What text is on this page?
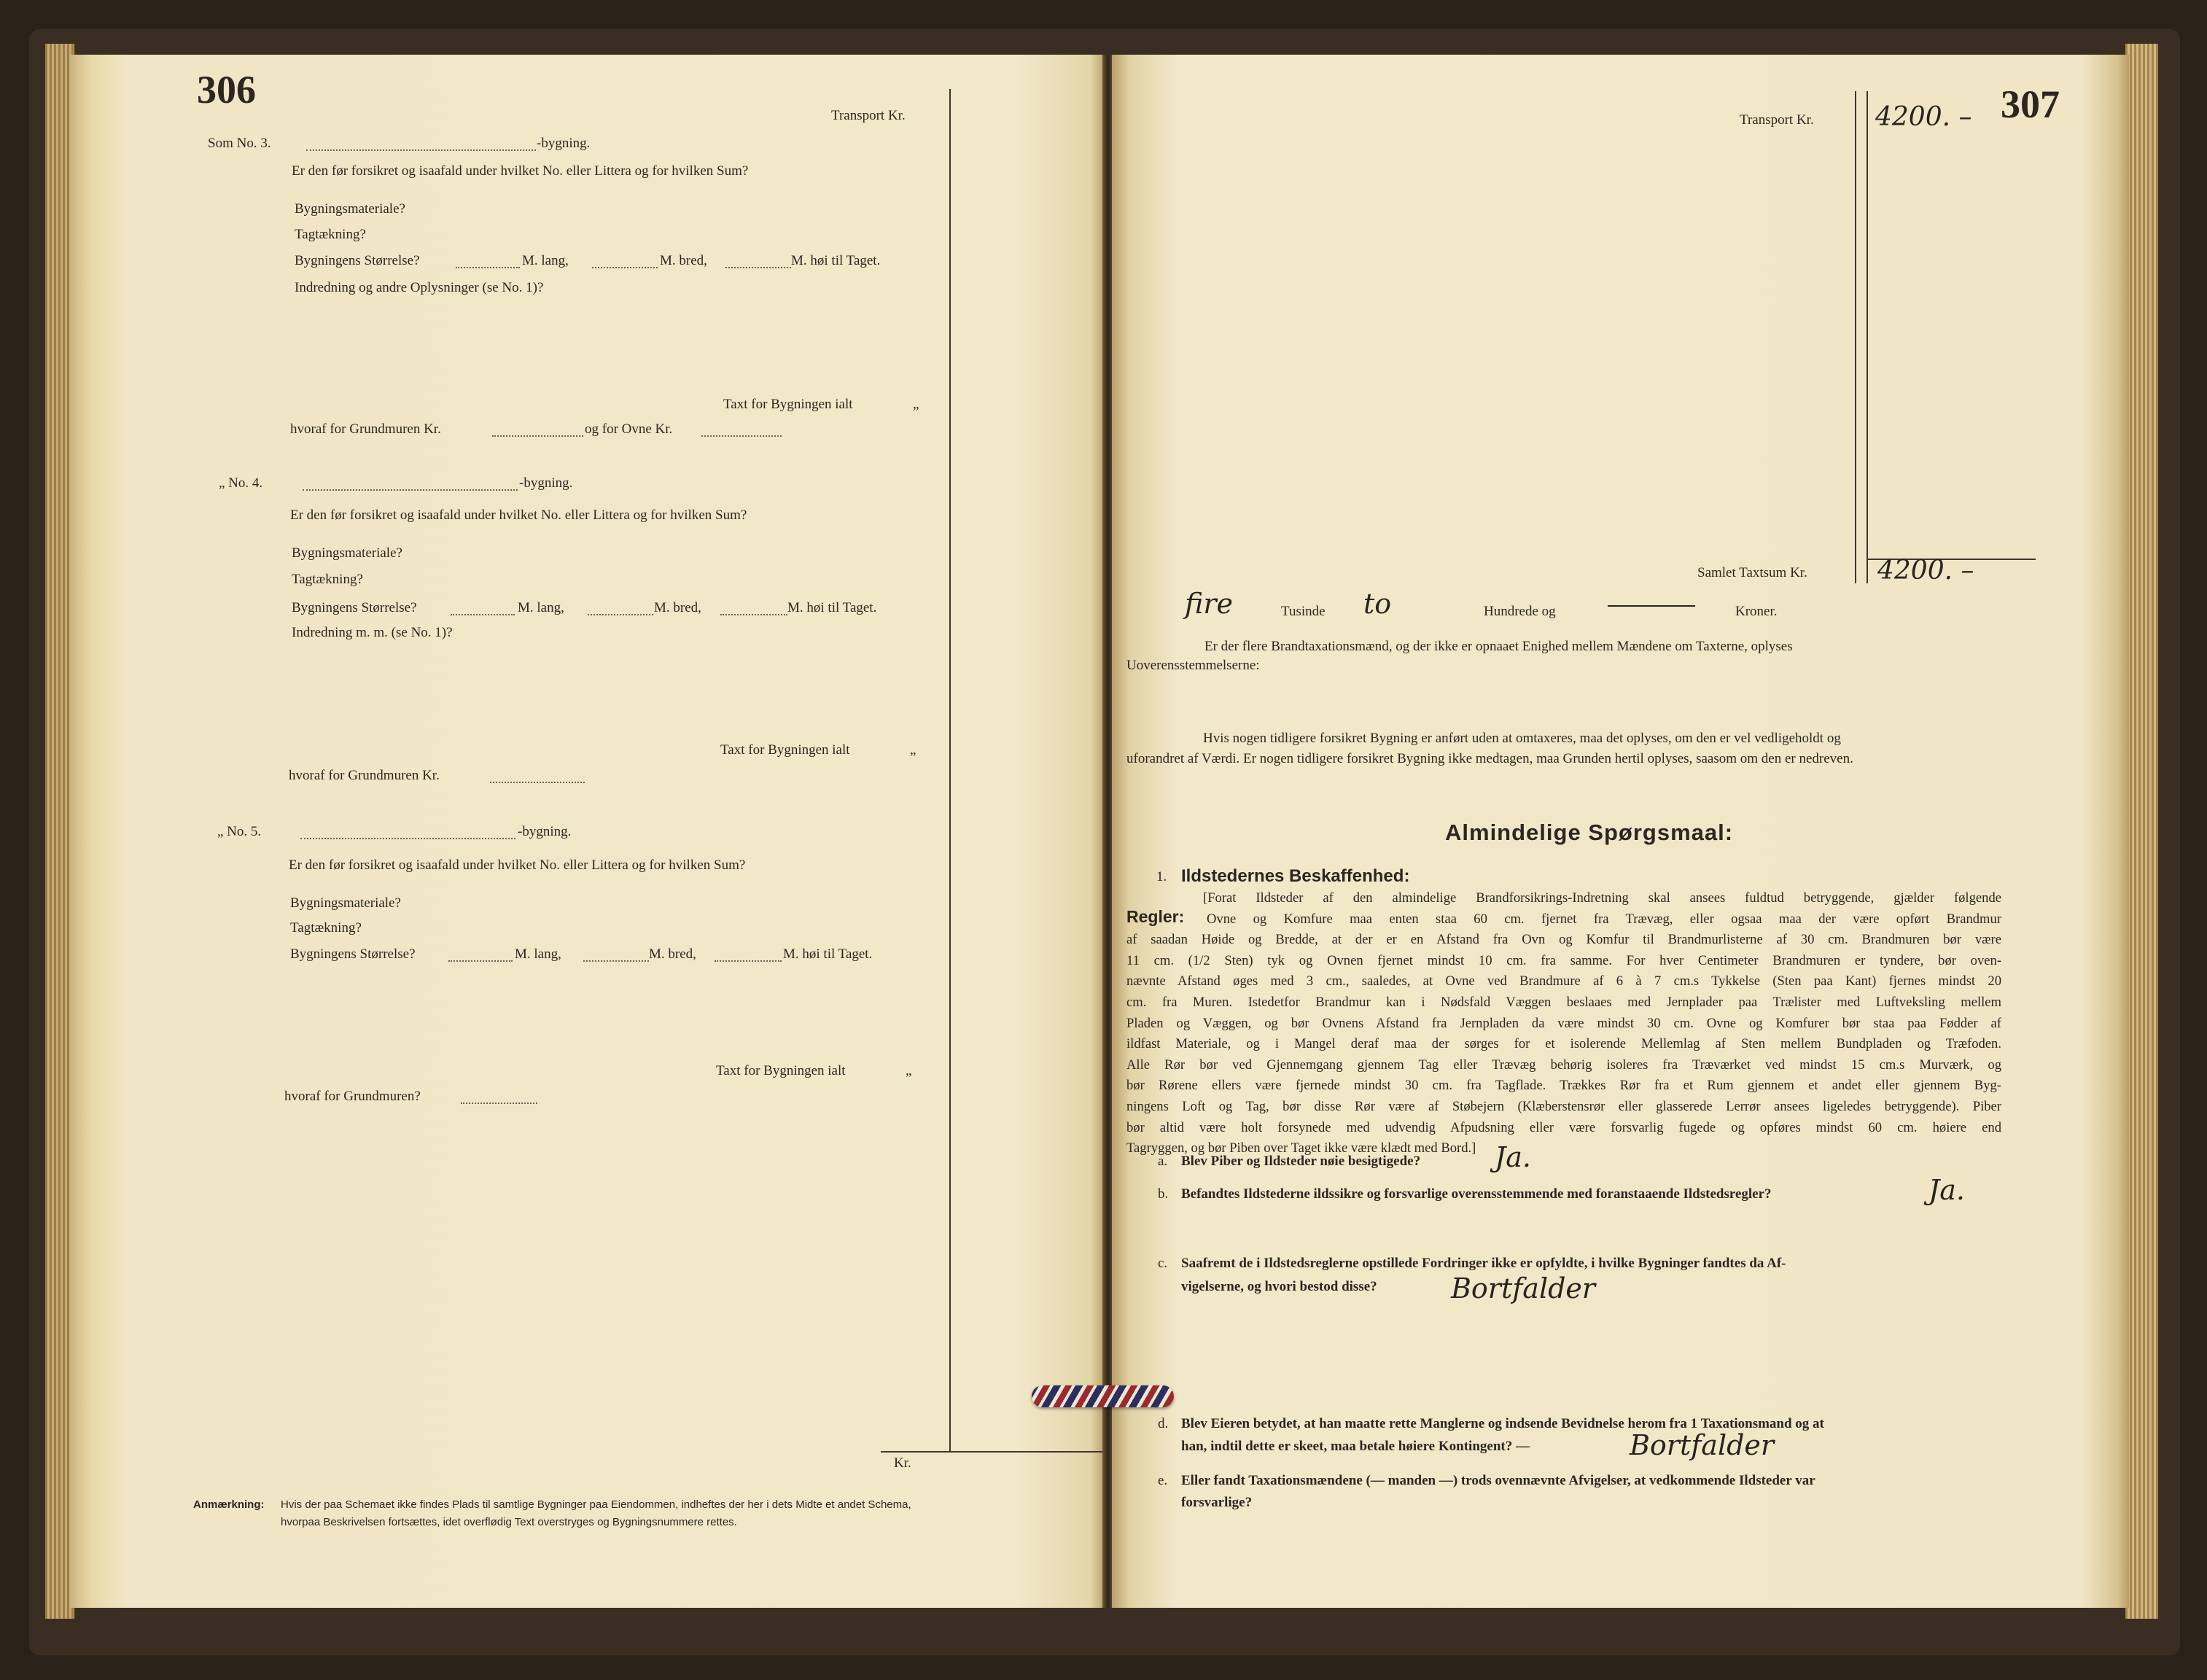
306
Transport Kr.
Kr.
Som No. 3.	-bygning.
Er den før forsikret og isaafald under hvilket No. eller Littera og for hvilken Sum?
Bygningsmateriale?
Tagtækning?
Bygningens Størrelse?	M. lang,	M. bred,	M. høi til Taget.
Indredning og andre Oplysninger (se No. 1)?
Taxt for Bygningen ialt	„
hvoraf for Grundmuren Kr.	og for Ovne Kr.
„ No. 4.	-bygning.
Er den før forsikret og isaafald under hvilket No. eller Littera og for hvilken Sum?
Bygningsmateriale?
Tagtækning?
Bygningens Størrelse?	M. lang,	M. bred,	M. høi til Taget.
Indredning m. m. (se No. 1)?
Taxt for Bygningen ialt	„
hvoraf for Grundmuren Kr.
„ No. 5.	-bygning.
Er den før forsikret og isaafald under hvilket No. eller Littera og for hvilken Sum?
Bygningsmateriale?
Tagtækning?
Bygningens Størrelse?	M. lang,	M. bred,	M. høi til Taget.
Taxt for Bygningen ialt	„
hvoraf for Grundmuren?
Anmærkning: Hvis der paa Schemaet ikke findes Plads til samtlige Bygninger paa Eiendommen, indheftes der her i dets Midte et andet Schema,
hvorpaa Beskrivelsen fortsættes, idet overflødig Text overstryges og Bygningsnummere rettes.
307
Transport Kr. 4200. –
Samlet Taxtsum Kr.	4200. –
fire	Tusinde to	Hundrede og	Kroner.
Er der flere Brandtaxationsmænd, og der ikke er opnaaet Enighed mellem Mændene om Taxterne, oplyses
Uoverensstemmelserne:
Hvis nogen tidligere forsikret Bygning er anført uden at omtaxeres, maa det oplyses, om den er vel vedligeholdt og
uforandret af Værdi. Er nogen tidligere forsikret Bygning ikke medtagen, maa Grunden hertil oplyses, saasom om den er nedreven.
Almindelige Spørgsmaal:
1. Ildstedernes Beskaffenhed:
Regler:
[Forat Ildsteder af den almindelige Brandforsikrings-Indretning skal ansees fuldtud betryggende, gjælder følgende
Ovne og Komfure maa enten staa 60 cm. fjernet fra Trævæg, eller ogsaa maa der være opført Brandmur
af saadan Høide og Bredde, at der er en Afstand fra Ovn og Komfur til Brandmurlisterne af 30 cm. Brandmuren bør være
11 cm. (1/2 Sten) tyk og Ovnen fjernet mindst 10 cm. fra samme. For hver Centimeter Brandmuren er tyndere, bør oven-
nævnte Afstand øges med 3 cm., saaledes, at Ovne ved Brandmure af 6 à 7 cm.s Tykkelse (Sten paa Kant) fjernes mindst 20
cm. fra Muren. Istedetfor Brandmur kan i Nødsfald Væggen beslaaes med Jernplader paa Trælister med Luftveksling mellem
Pladen og Væggen, og bør Ovnens Afstand fra Jernpladen da være mindst 30 cm. Ovne og Komfurer bør staa paa Fødder af
ildfast Materiale, og i Mangel deraf maa der sørges for et isolerende Mellemlag af Sten mellem Bundpladen og Træfoden.
Alle Rør bør ved Gjennemgang gjennem Tag eller Trævæg behørig isoleres fra Træværket ved mindst 15 cm.s Murværk, og
bør Rørene ellers være fjernede mindst 30 cm. fra Tagflade. Trækkes Rør fra et Rum gjennem et andet eller gjennem Byg-
ningens Loft og Tag, bør disse Rør være af Støbejern (Klæberstensrør eller glasserede Lerrør ansees ligeledes betryggende). Piber
bør altid være holt forsynede med udvendig Afpudsning eller være forsvarlig fugede og opføres mindst 60 cm. høiere end
Tagryggen, og bør Piben over Taget ikke være klædt med Bord.]
a. Blev Piber og Ildsteder nøie besigtigede?	Ja.
b. Befandtes Ildstederne ildssikre og forsvarlige overensstemmende med foranstaaende Ildstedsregler?	Ja.
c. Saafremt de i Ildstedsreglerne opstillede Fordringer ikke er opfyldte, i hvilke Bygninger fandtes da Af-
vigelserne, og hvori bestod disse?	Bortfalder
d. Blev Eieren betydet, at han maatte rette Manglerne og indsende Bevidnelse herom fra 1 Taxationsmand og at
han, indtil dette er skeet, maa betale høiere Kontingent? —	Bortfalder
e. Eller fandt Taxationsmændene (— manden —) trods ovennævnte Afvigelser, at vedkommende Ildsteder var
forsvarlige?
